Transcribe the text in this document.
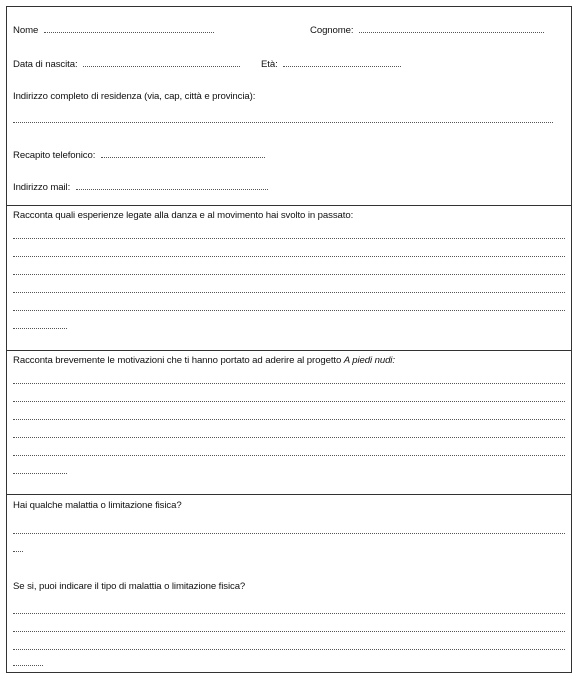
Nome	Cognome:
Data di nascita:	Età:
Indirizzo completo di residenza (via, cap, città e provincia):
Recapito telefonico:
Indirizzo mail:
Racconta quali esperienze legate alla danza e al movimento hai svolto in passato:
Racconta brevemente le motivazioni che ti hanno portato ad aderire al progetto A piedi nudi:
Hai qualche malattia o limitazione fisica?
Se si, puoi indicare il tipo di malattia o limitazione fisica?
